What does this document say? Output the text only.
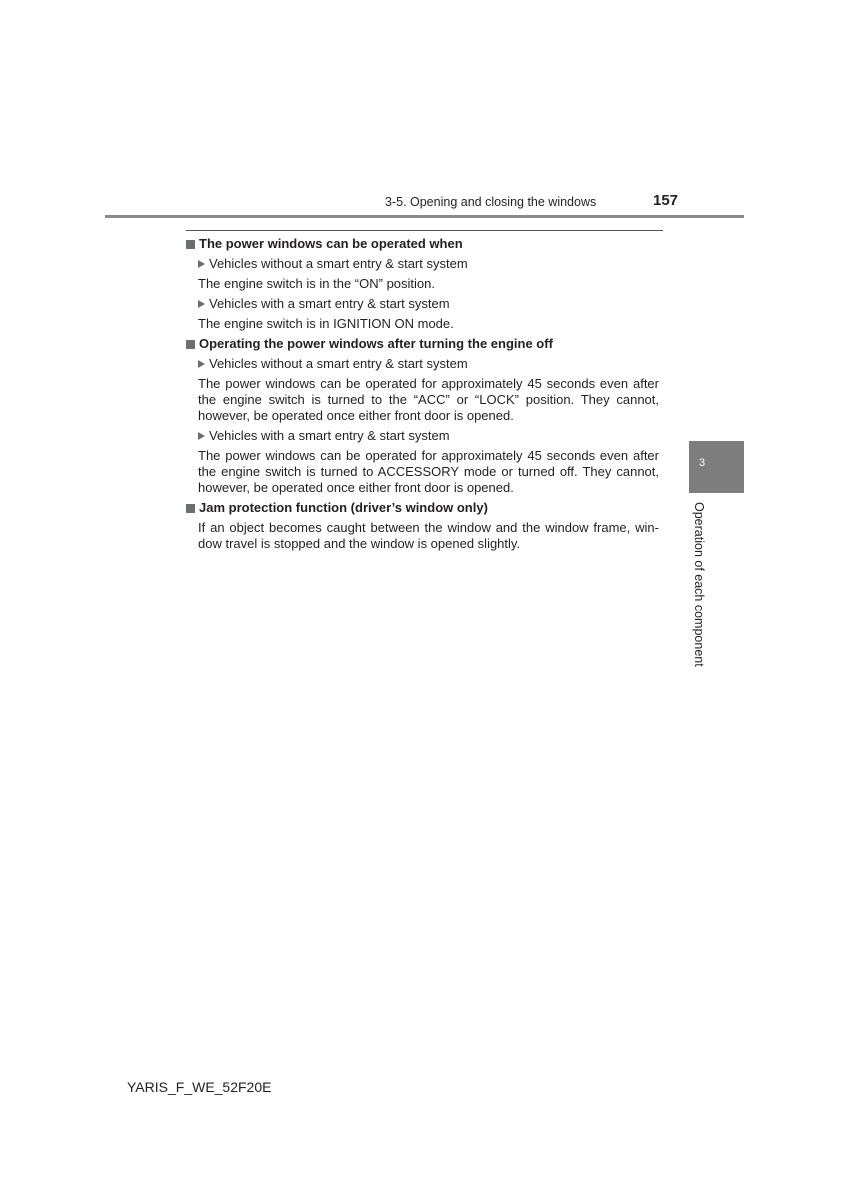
3-5. Opening and closing the windows	157
The power windows can be operated when
Vehicles without a smart entry & start system
The engine switch is in the “ON” position.
Vehicles with a smart entry & start system
The engine switch is in IGNITION ON mode.
Operating the power windows after turning the engine off
Vehicles without a smart entry & start system
The power windows can be operated for approximately 45 seconds even after the engine switch is turned to the “ACC” or “LOCK” position. They cannot, however, be operated once either front door is opened.
Vehicles with a smart entry & start system
The power windows can be operated for approximately 45 seconds even after the engine switch is turned to ACCESSORY mode or turned off. They cannot, however, be operated once either front door is opened.
Jam protection function (driver’s window only)
If an object becomes caught between the window and the window frame, window travel is stopped and the window is opened slightly.
3
Operation of each component
YARIS_F_WE_52F20E
